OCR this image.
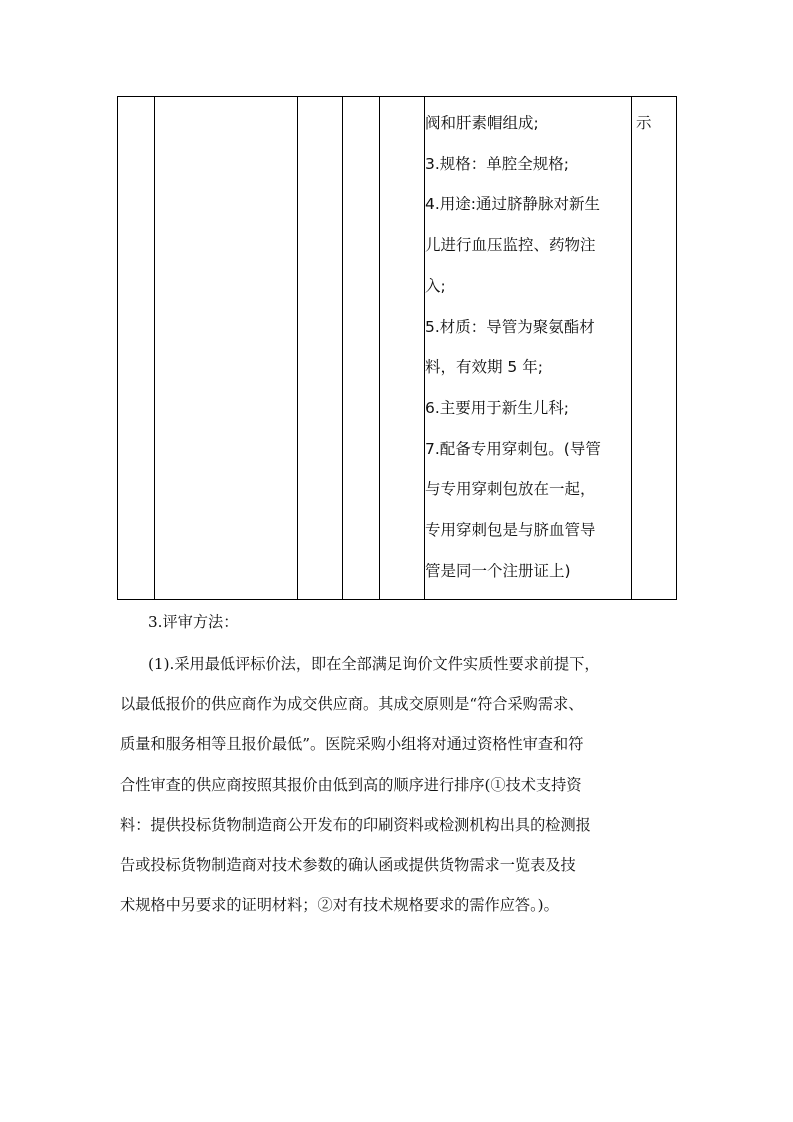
阀和肝素帽组成;
3.规格：单腔全规格;
4.用途:通过脐静脉对新生
儿进行血压监控、药物注
入;
5.材质：导管为聚氨酯材
料，有效期 5 年;
6.主要用于新生儿科;
7.配备专用穿刺包。(导管
与专用穿刺包放在一起，
专用穿刺包是与脐血管导
管是同一个注册证上)
示
3.评审方法：
(1).采用最低评标价法，即在全部满足询价文件实质性要求前提下，
以最低报价的供应商作为成交供应商。其成交原则是“符合采购需求、
质量和服务相等且报价最低”。医院采购小组将对通过资格性审查和符
合性审查的供应商按照其报价由低到高的顺序进行排序(①技术支持资
料：提供投标货物制造商公开发布的印刷资料或检测机构出具的检测报
告或投标货物制造商对技术参数的确认函或提供货物需求一览表及技
术规格中另要求的证明材料；②对有技术规格要求的需作应答。)。
